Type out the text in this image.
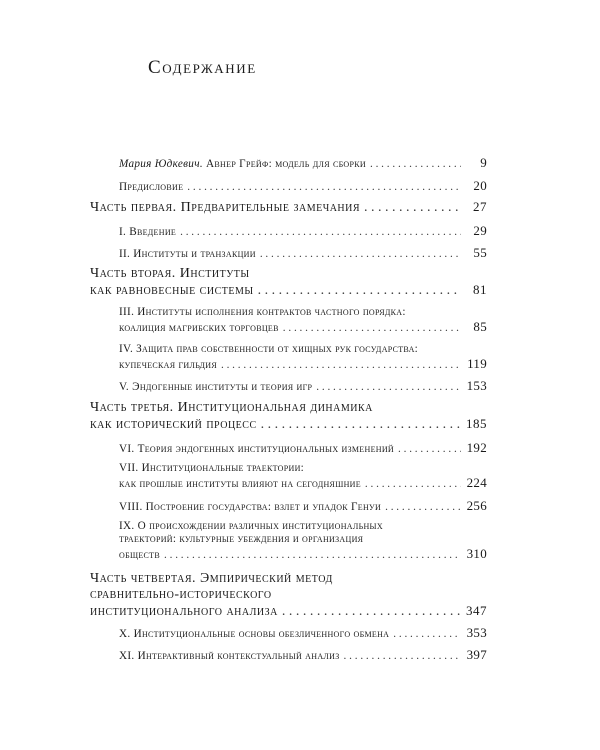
Содержание
Мария Юдкевич.
Авнер Грейф: модель для сборки . . .	9
Предисловие . . .	20
Часть первая. Предварительные замечания . . .	27
I. Введение . . .	29
II. Институты и транзакции . . .	55
Часть вторая. Институты
как равновесные системы . . .	81
III. Институты исполнения контрактов частного порядка:
коалиция магрибских торговцев . . .	85
IV. Защита прав собственности от хищных рук государства:
купеческая гильдия . . .	119
V. Эндогенные институты и теория игр . . .	153
Часть третья. Институциональная динамика
как исторический процесс . . .	185
VI. Теория эндогенных институциональных изменений . . .	192
VII. Институциональные траектории:
как прошлые институты влияют на сегодняшние . . .	224
VIII. Построение государства: взлет и упадок Генуи . . .	256
IX. О происхождении различных институциональных
траекторий: культурные убеждения и организация
обществ . . .	310
Часть четвертая. Эмпирический метод
сравнительно-исторического
институционального анализа . . .	347
X. Институциональные основы обезличенного обмена . . .	353
XI. Интерактивный контекстуальный анализ . . .	397
